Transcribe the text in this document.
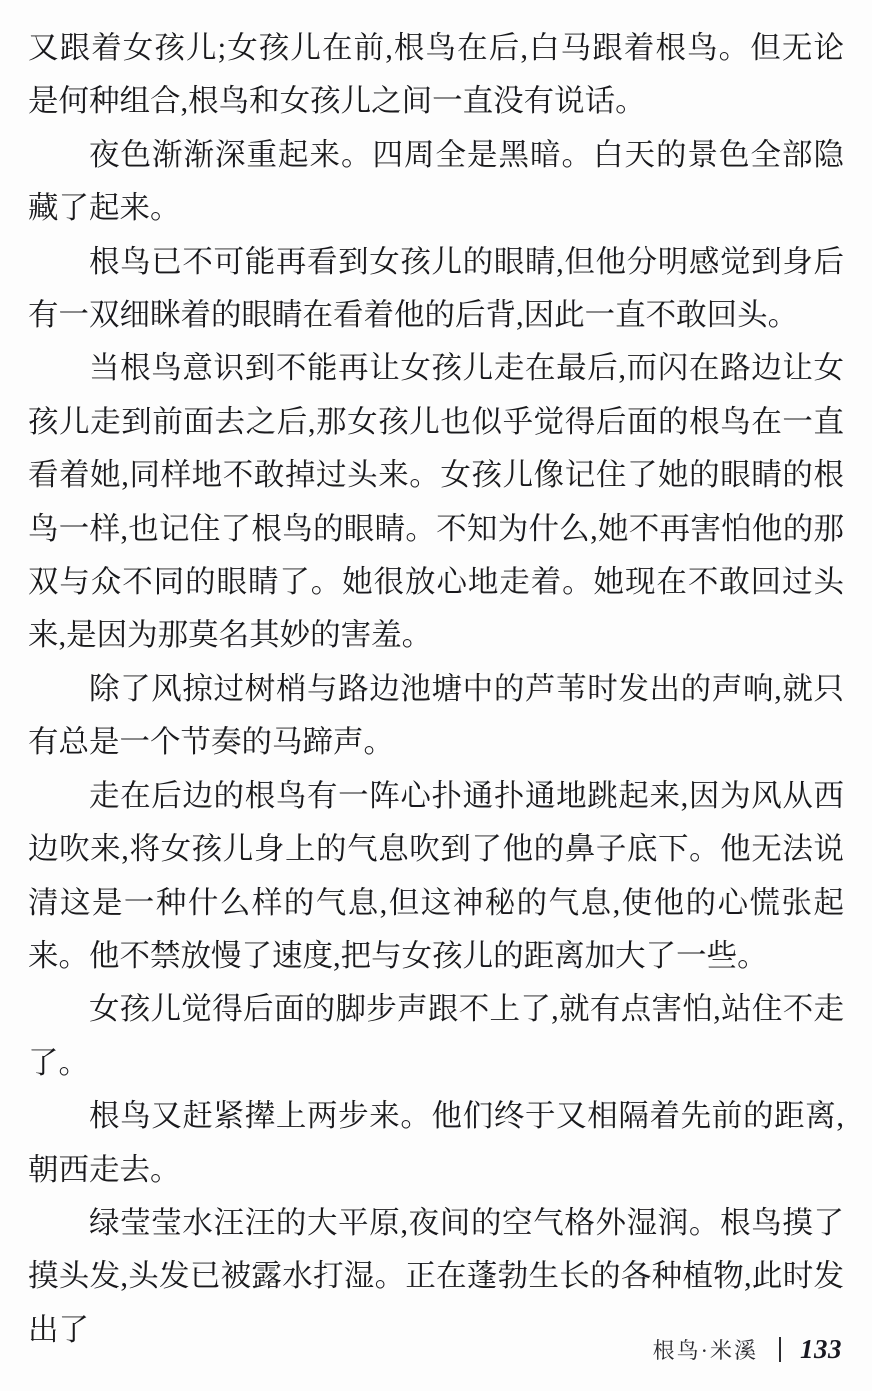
又跟着女孩儿;女孩儿在前,根鸟在后,白马跟着根鸟。但无论是何种组合,根鸟和女孩儿之间一直没有说话。

夜色渐渐深重起来。四周全是黑暗。白天的景色全部隐藏了起来。

根鸟已不可能再看到女孩儿的眼睛,但他分明感觉到身后有一双细眯着的眼睛在看着他的后背,因此一直不敢回头。

当根鸟意识到不能再让女孩儿走在最后,而闪在路边让女孩儿走到前面去之后,那女孩儿也似乎觉得后面的根鸟在一直看着她,同样地不敢掉过头来。女孩儿像记住了她的眼睛的根鸟一样,也记住了根鸟的眼睛。不知为什么,她不再害怕他的那双与众不同的眼睛了。她很放心地走着。她现在不敢回过头来,是因为那莫名其妙的害羞。

除了风掠过树梢与路边池塘中的芦苇时发出的声响,就只有总是一个节奏的马蹄声。

走在后边的根鸟有一阵心扑通扑通地跳起来,因为风从西边吹来,将女孩儿身上的气息吹到了他的鼻子底下。他无法说清这是一种什么样的气息,但这神秘的气息,使他的心慌张起来。他不禁放慢了速度,把与女孩儿的距离加大了一些。

女孩儿觉得后面的脚步声跟不上了,就有点害怕,站住不走了。

根鸟又赶紧撵上两步来。他们终于又相隔着先前的距离,朝西走去。

绿莹莹水汪汪的大平原,夜间的空气格外湿润。根鸟摸了摸头发,头发已被露水打湿。正在蓬勃生长的各种植物,此时发出了

根鸟·米溪 133
